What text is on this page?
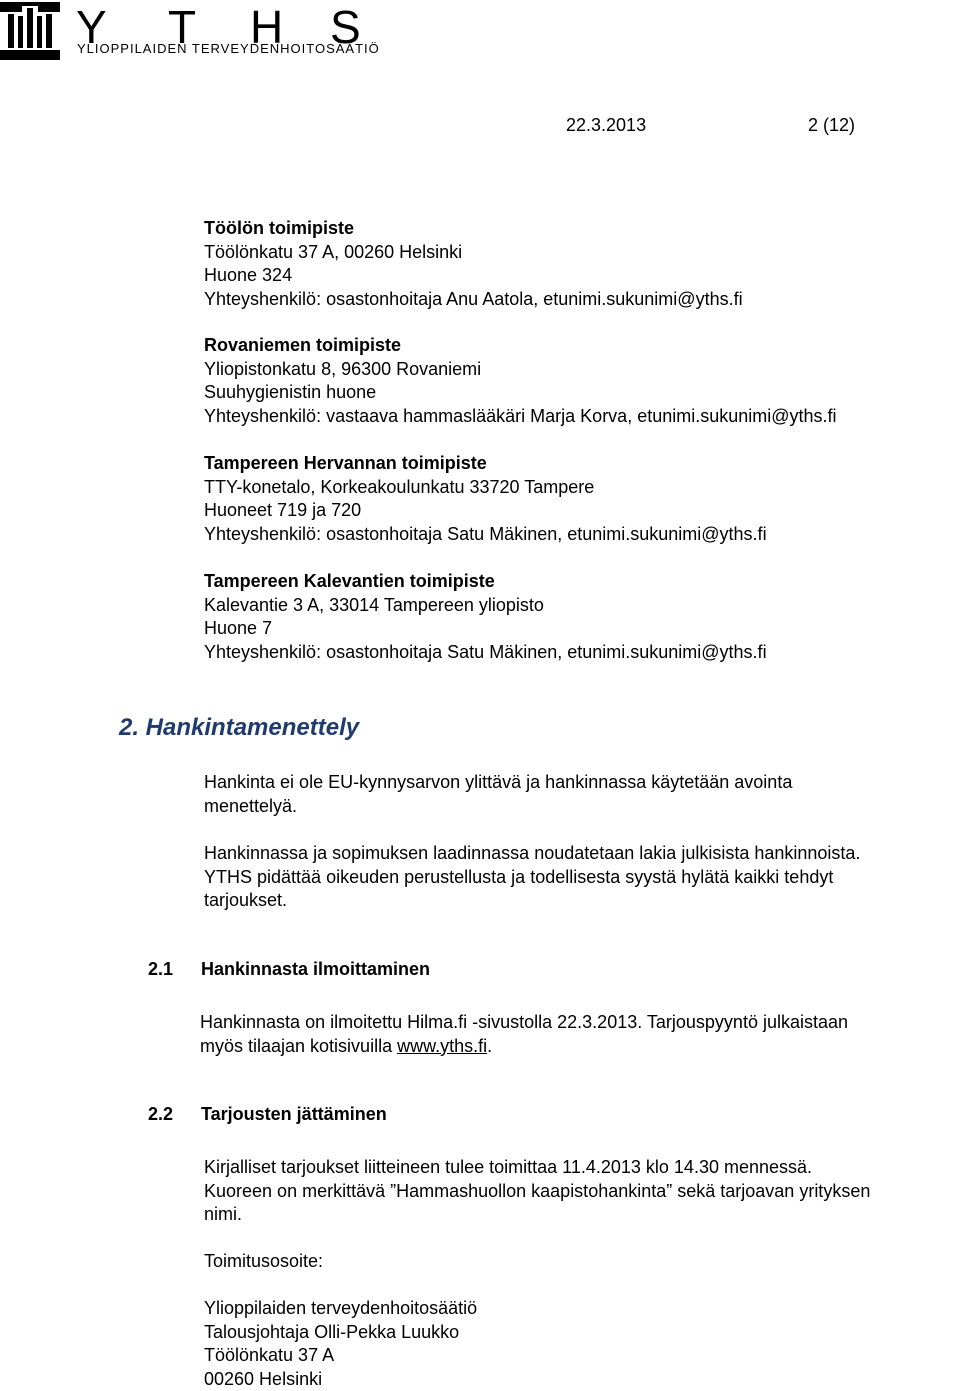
Y T H S
YLIOPPILAIDEN TERVEYDENHOITOSÄÄTIÖ
22.3.2013	2 (12)
Töölön toimipiste
Töölönkatu 37 A, 00260 Helsinki
Huone 324
Yhteyshenkilö: osastonhoitaja Anu Aatola, etunimi.sukunimi@yths.fi
Rovaniemen toimipiste
Yliopistonkatu 8, 96300 Rovaniemi
Suuhygienistin huone
Yhteyshenkilö: vastaava hammaslääkäri Marja Korva, etunimi.sukunimi@yths.fi
Tampereen Hervannan toimipiste
TTY-konetalo, Korkeakoulunkatu 33720 Tampere
Huoneet 719 ja 720
Yhteyshenkilö: osastonhoitaja Satu Mäkinen, etunimi.sukunimi@yths.fi
Tampereen Kalevantien toimipiste
Kalevantie 3 A, 33014 Tampereen yliopisto
Huone 7
Yhteyshenkilö: osastonhoitaja Satu Mäkinen, etunimi.sukunimi@yths.fi
2. Hankintamenettely
Hankinta ei ole EU-kynnysarvon ylittävä ja hankinnassa käytetään avointa
menettelyä.
Hankinnassa ja sopimuksen laadinnassa noudatetaan lakia julkisista hankinnoista.
YTHS pidättää oikeuden perustellusta ja todellisesta syystä hylätä kaikki tehdyt
tarjoukset.
2.1 Hankinnasta ilmoittaminen
Hankinnasta on ilmoitettu Hilma.fi -sivustolla 22.3.2013. Tarjouspyyntö julkaistaan
myös tilaajan kotisivuilla www.yths.fi.
2.2 Tarjousten jättäminen
Kirjalliset tarjoukset liitteineen tulee toimittaa 11.4.2013 klo 14.30 mennessä.
Kuoreen on merkittävä ”Hammashuollon kaapistohankinta” sekä tarjoavan yrityksen
nimi.
Toimitusosoite:
Ylioppilaiden terveydenhoitosäätiö
Talousjohtaja Olli-Pekka Luukko
Töölönkatu 37 A
00260 Helsinki
